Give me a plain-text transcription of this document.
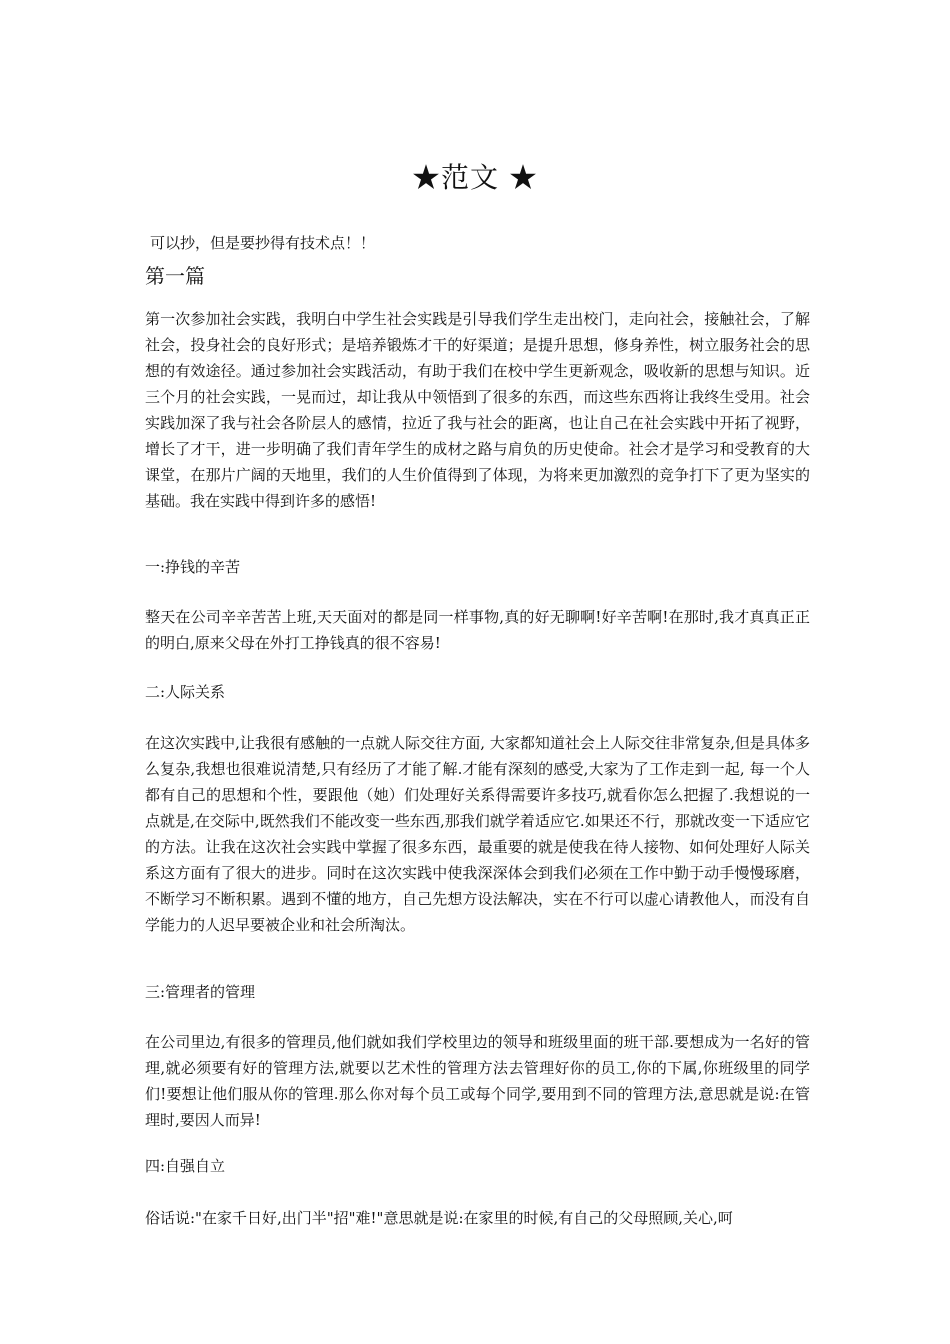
★范文 ★
可以抄，但是要抄得有技术点！！
第一篇

第一次参加社会实践，我明白中学生社会实践是引导我们学生走出校门，走向社会，接触社会，了解社会，投身社会的良好形式；是培养锻炼才干的好渠道；是提升思想，修身养性，树立服务社会的思想的有效途径。通过参加社会实践活动，有助于我们在校中学生更新观念，吸收新的思想与知识。近三个月的社会实践，一晃而过，却让我从中领悟到了很多的东西，而这些东西将让我终生受用。社会实践加深了我与社会各阶层人的感情，拉近了我与社会的距离，也让自己在社会实践中开拓了视野，增长了才干，进一步明确了我们青年学生的成材之路与肩负的历史使命。社会才是学习和受教育的大课堂，在那片广阔的天地里，我们的人生价值得到了体现，为将来更加激烈的竞争打下了更为坚实的基础。我在实践中得到许多的感悟!

一:挣钱的辛苦

整天在公司辛辛苦苦上班,天天面对的都是同一样事物,真的好无聊啊!好辛苦啊!在那时,我才真真正正的明白,原来父母在外打工挣钱真的很不容易!

二:人际关系

在这次实践中,让我很有感触的一点就人际交往方面, 大家都知道社会上人际交往非常复杂,但是具体多么复杂,我想也很难说清楚,只有经历了才能了解.才能有深刻的感受,大家为了工作走到一起, 每一个人都有自己的思想和个性，要跟他（她）们处理好关系得需要许多技巧,就看你怎么把握了.我想说的一点就是,在交际中,既然我们不能改变一些东西,那我们就学着适应它.如果还不行，那就改变一下适应它的方法。让我在这次社会实践中掌握了很多东西，最重要的就是使我在待人接物、如何处理好人际关系这方面有了很大的进步。同时在这次实践中使我深深体会到我们必须在工作中勤于动手慢慢琢磨，不断学习不断积累。遇到不懂的地方，自己先想方设法解决，实在不行可以虚心请教他人，而没有自学能力的人迟早要被企业和社会所淘汰。

三:管理者的管理

在公司里边,有很多的管理员,他们就如我们学校里边的领导和班级里面的班干部.要想成为一名好的管理,就必须要有好的管理方法,就要以艺术性的管理方法去管理好你的员工,你的下属,你班级里的同学们!要想让他们服从你的管理.那么你对每个员工或每个同学,要用到不同的管理方法,意思就是说:在管理时,要因人而异!

四:自强自立

俗话说:"在家千日好,出门半"招"难!"意思就是说:在家里的时候,有自己的父母照顾,关心,呵
